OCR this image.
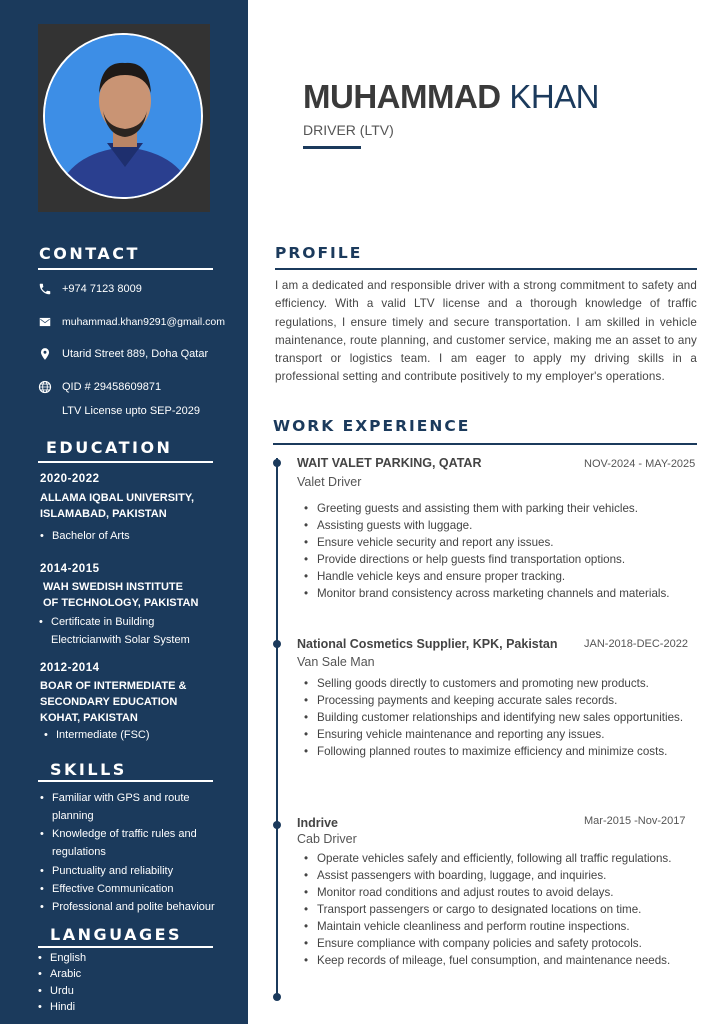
CONTACT
+974 7123 8009
muhammad.khan9291@gmail.com
Utarid Street 889, Doha Qatar
QID # 29458609871
LTV License upto SEP-2029
EDUCATION
2020-2022
ALLAMA IQBAL UNIVERSITY,
ISLAMABAD, PAKISTAN
• Bachelor of Arts
2014-2015
WAH SWEDISH INSTITUTE
OF TECHNOLOGY, PAKISTAN
• Certificate in Building
Electricianwith Solar System
2012-2014
BOAR OF INTERMEDIATE &
SECONDARY EDUCATION
KOHAT, PAKISTAN
• Intermediate (FSC)
SKILLS
• Familiar with GPS and route
planning
• Knowledge of traffic rules and
regulations
• Punctuality and reliability
• Effective Communication
• Professional and polite behaviour
LANGUAGES
• English
• Arabic
• Urdu
• Hindi
MUHAMMAD KHAN
DRIVER (LTV)
PROFILE
I am a dedicated and responsible driver with a strong commitment to safety and efficiency. With a valid LTV license and a thorough knowledge of traffic regulations, I ensure timely and secure transportation. I am skilled in vehicle maintenance, route planning, and customer service, making me an asset to any transport or logistics team. I am eager to apply my driving skills in a professional setting and contribute positively to my employer's operations.
WORK EXPERIENCE
WAIT VALET PARKING, QATAR	NOV-2024 - MAY-2025
Valet Driver
• Greeting guests and assisting them with parking their vehicles.
• Assisting guests with luggage.
• Ensure vehicle security and report any issues.
• Provide directions or help guests find transportation options.
• Handle vehicle keys and ensure proper tracking.
• Monitor brand consistency across marketing channels and materials.
National Cosmetics Supplier, KPK, Pakistan JAN-2018-DEC-2022
Van Sale Man
• Selling goods directly to customers and promoting new products.
• Processing payments and keeping accurate sales records.
• Building customer relationships and identifying new sales opportunities.
• Ensuring vehicle maintenance and reporting any issues.
• Following planned routes to maximize efficiency and minimize costs.
Indrive	Mar-2015 -Nov-2017
Cab Driver
• Operate vehicles safely and efficiently, following all traffic regulations.
• Assist passengers with boarding, luggage, and inquiries.
• Monitor road conditions and adjust routes to avoid delays.
• Transport passengers or cargo to designated locations on time.
• Maintain vehicle cleanliness and perform routine inspections.
• Ensure compliance with company policies and safety protocols.
• Keep records of mileage, fuel consumption, and maintenance needs.
